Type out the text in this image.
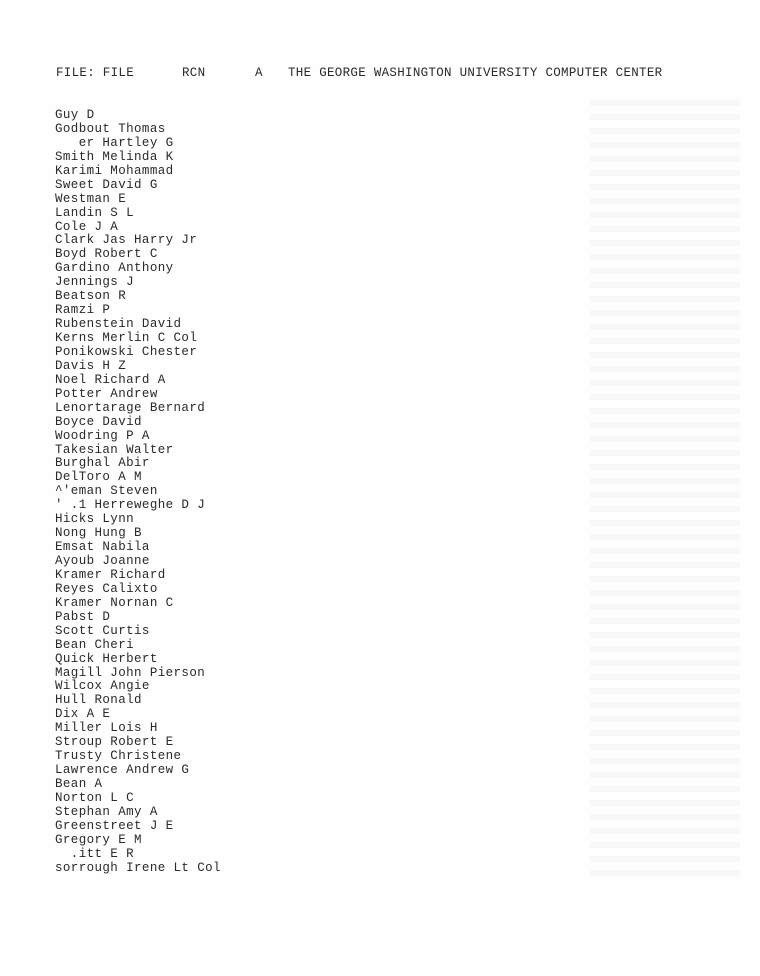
FILE: FILE	RCN	A THE GEORGE WASHINGTON UNIVERSITY COMPUTER CENTER
Guy D
Godbout Thomas
er Hartley G
Smith Melinda K
Karimi Mohammad
Sweet David G
Westman E
Landin S L
Cole J A
Clark Jas Harry Jr
Boyd Robert C
Gardino Anthony
Jennings J
Beatson R
Ramzi P
Rubenstein David
Kerns Merlin C Col
Ponikowski Chester
Davis H Z
Noel Richard A
Potter Andrew
Lenortarage Bernard
Boyce David
Woodring P A
Takesian Walter
Burghal Abir
DelToro A M
^'eman Steven
' .1 Herreweghe D J
Hicks Lynn
Nong Hung B
Emsat Nabila
Ayoub Joanne
Kramer Richard
Reyes Calixto
Kramer Nornan C
Pabst D
Scott Curtis
Bean Cheri
Quick Herbert
Magill John Pierson
Wilcox Angie
Hull Ronald
Dix A E
Miller Lois H
Stroup Robert E
Trusty Christene
Lawrence Andrew G
Bean A
Norton L C
Stephan Amy A
Greenstreet J E
Gregory E M
.itt E R
sorrough Irene Lt Col
